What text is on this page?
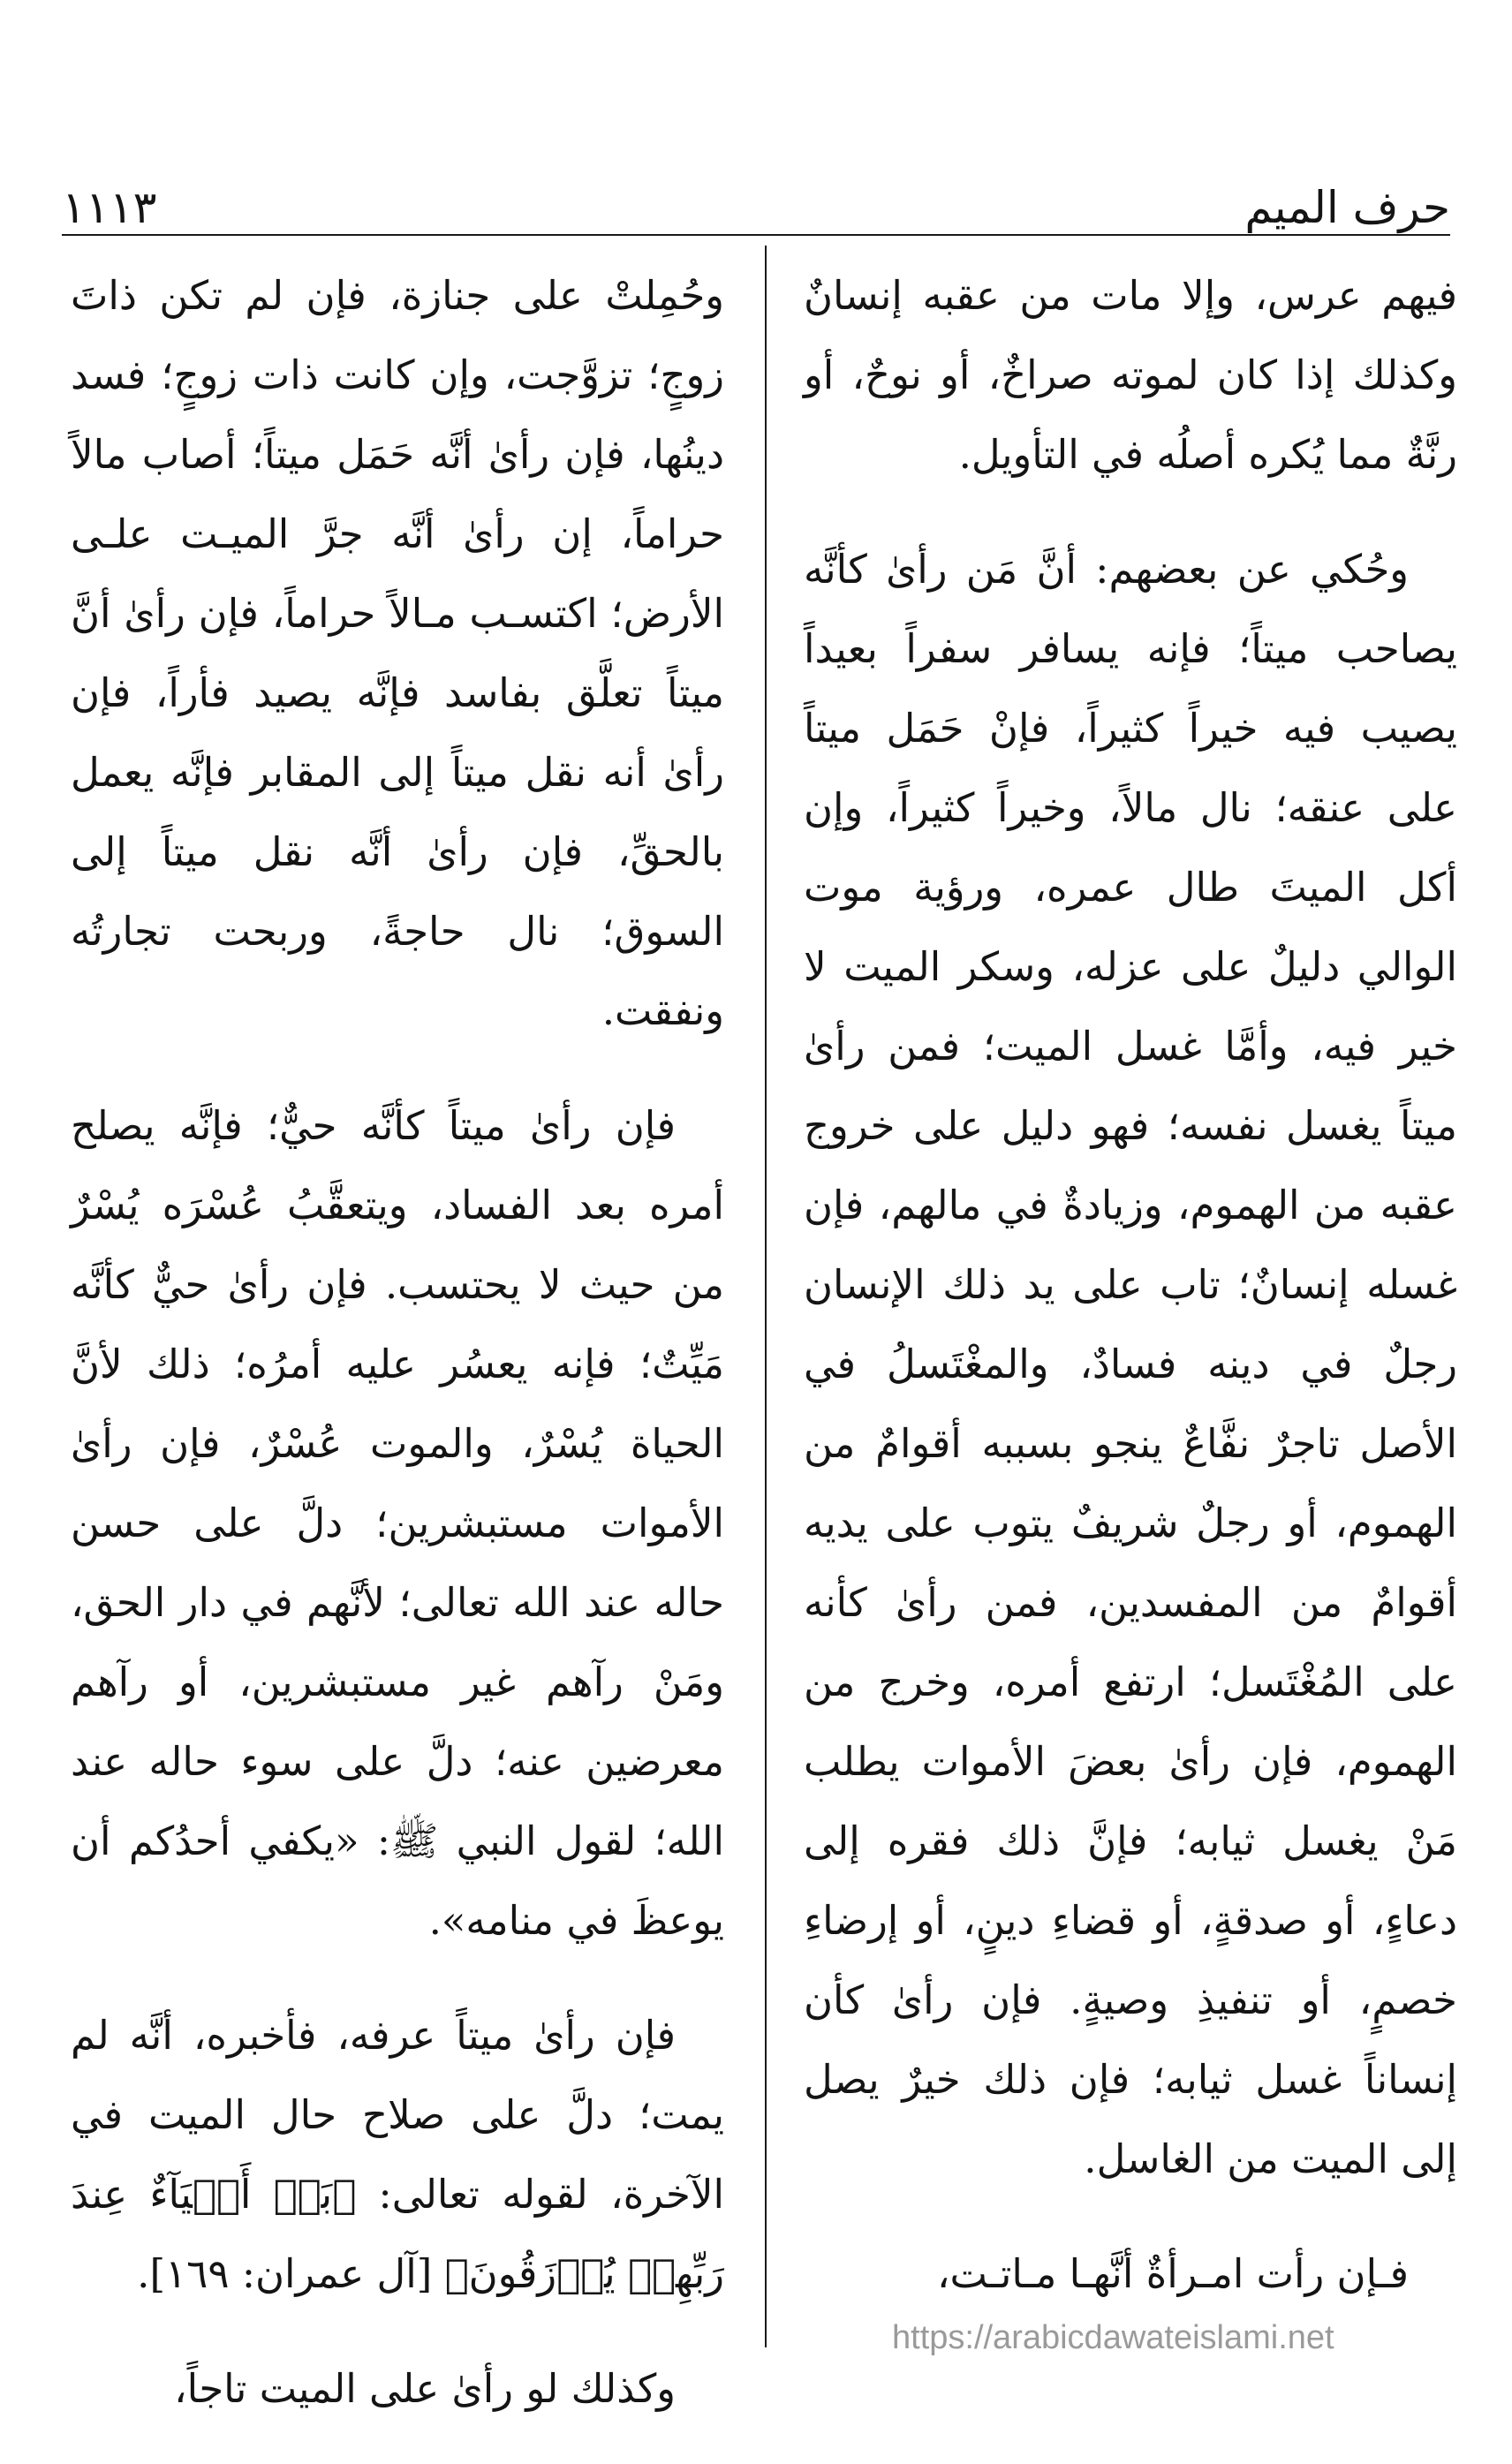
حرف الميم
١١١٣

فيهم عرس، وإلا مات من عقبه إنسانٌ وكذلك إذا كان لموته صراخٌ، أو نوحٌ، أو رنَّةٌ مما يُكره أصلُه في التأويل.

وحُكي عن بعضهم: أنَّ مَن رأىٰ كأنَّه يصاحب ميتاً؛ فإنه يسافر سفراً بعيداً يصيب فيه خيراً كثيراً، فإنْ حَمَل ميتاً على عنقه؛ نال مالاً، وخيراً كثيراً، وإن أكل الميتَ طال عمره، ورؤية موت الوالي دليلٌ على عزله، وسكر الميت لا خير فيه، وأمَّا غسل الميت؛ فمن رأىٰ ميتاً يغسل نفسه؛ فهو دليل على خروج عقبه من الهموم، وزيادةٌ في مالهم، فإن غسله إنسانٌ؛ تاب على يد ذلك الإنسان رجلٌ في دينه فسادٌ، والمغْتَسلُ في الأصل تاجرٌ نفَّاعٌ ينجو بسببه أقوامٌ من الهموم، أو رجلٌ شريفٌ يتوب على يديه أقوامٌ من المفسدين، فمن رأىٰ كأنه على المُغْتَسل؛ ارتفع أمره، وخرج من الهموم، فإن رأىٰ بعضَ الأموات يطلب مَنْ يغسل ثيابه؛ فإنَّ ذلك فقره إلى دعاءٍ، أو صدقةٍ، أو قضاءِ دينٍ، أو إرضاءِ خصمٍ، أو تنفيذِ وصيةٍ. فإن رأىٰ كأن إنساناً غسل ثيابه؛ فإن ذلك خيرٌ يصل إلى الميت من الغاسل.

فـإن رأت امـرأةٌ أنَّهـا مـاتـت،

وحُمِلتْ على جنازة، فإن لم تكن ذاتَ زوجٍ؛ تزوَّجت، وإن كانت ذات زوجٍ؛ فسد دينُها، فإن رأىٰ أنَّه حَمَل ميتاً؛ أصاب مالاً حراماً، إن رأىٰ أنَّه جرَّ الميـت علـى الأرض؛ اكتسـب مـالاً حراماً، فإن رأىٰ أنَّ ميتاً تعلَّق بفاسد فإنَّه يصيد فأراً، فإن رأىٰ أنه نقل ميتاً إلى المقابر فإنَّه يعمل بالحقِّ، فإن رأىٰ أنَّه نقل ميتاً إلى السوق؛ نال حاجةً، وربحت تجارتُه ونفقت.

فإن رأىٰ ميتاً كأنَّه حيٌّ؛ فإنَّه يصلح أمره بعد الفساد، ويتعقَّبُ عُسْرَه يُسْرٌ من حيث لا يحتسب. فإن رأىٰ حيٌّ كأنَّه مَيِّتٌ؛ فإنه يعسُر عليه أمرُه؛ ذلك لأنَّ الحياة يُسْرٌ، والموت عُسْرٌ، فإن رأىٰ الأموات مستبشرين؛ دلَّ على حسن حاله عند الله تعالى؛ لأنَّهم في دار الحق، ومَنْ رآهم غير مستبشرين، أو رآهم معرضين عنه؛ دلَّ على سوء حاله عند الله؛ لقول النبي ﷺ: «يكفي أحدُكم أن يوعظَ في منامه».

فإن رأىٰ ميتاً عرفه، فأخبره، أنَّه لم يمت؛ دلَّ على صلاح حال الميت في الآخرة، لقوله تعالى: ﴿بَلۡ أَحۡيَآءٌ عِندَ رَبِّهِمۡ يُرۡزَقُونَ﴾ [آل عمران: ١٦٩].

وكذلك لو رأىٰ على الميت تاجاً،

https://arabicdawateislami.net
